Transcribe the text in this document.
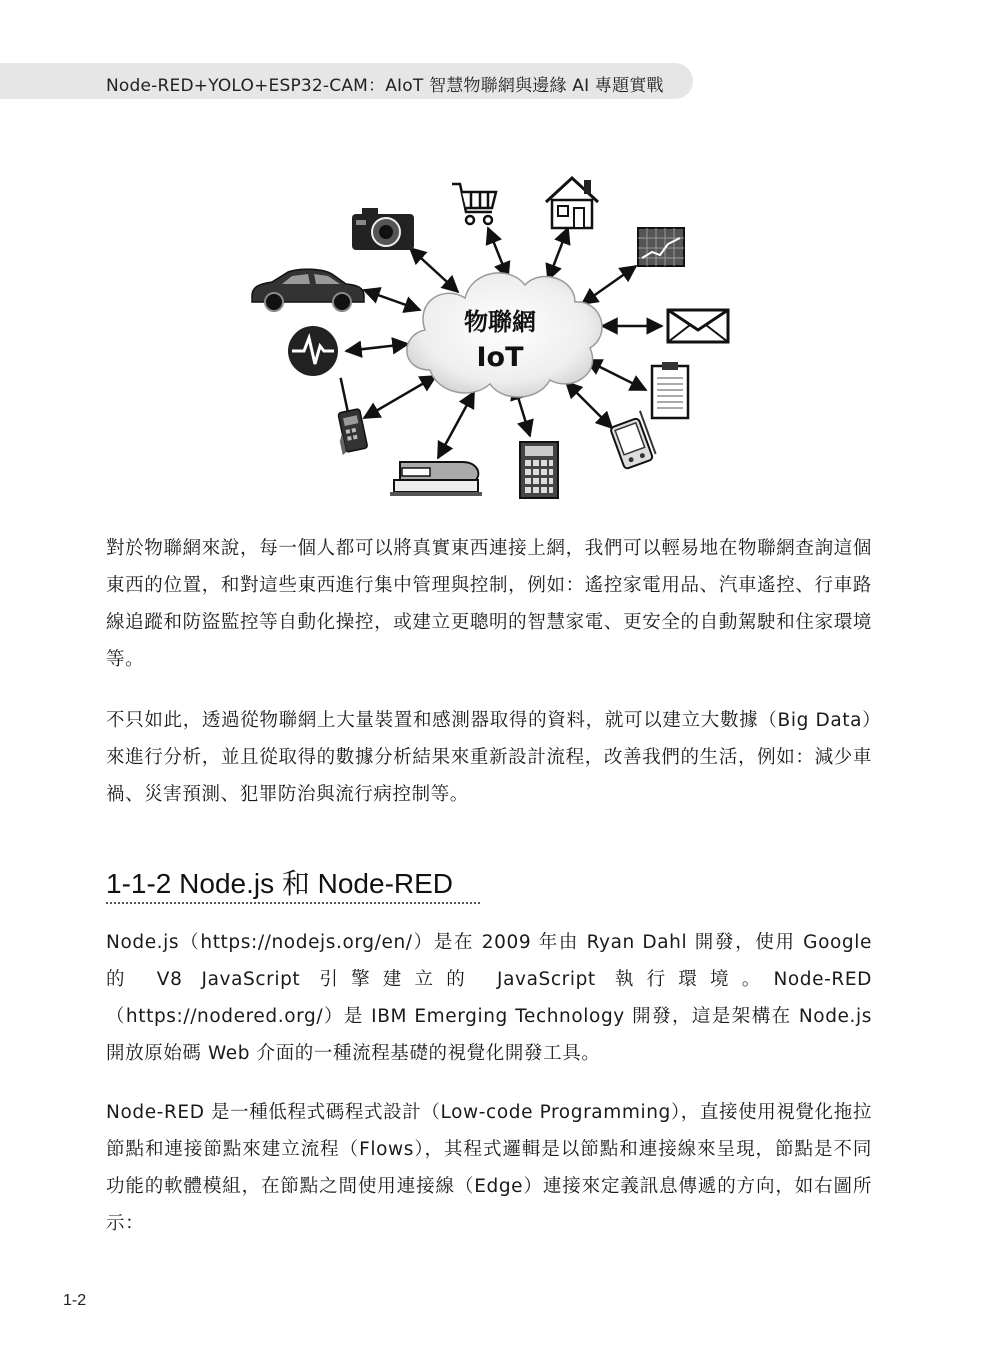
Node-RED+YOLO+ESP32-CAM：AIoT 智慧物聯網與邊緣 AI 專題實戰
物聯網
IoT

對於物聯網來說，每一個人都可以將真實東西連接上網，我們可以輕易地在物聯網查詢這個東西的位置，和對這些東西進行集中管理與控制，例如：遙控家電用品、汽車遙控、行車路線追蹤和防盜監控等自動化操控，或建立更聰明的智慧家電、更安全的自動駕駛和住家環境等。

不只如此，透過從物聯網上大量裝置和感測器取得的資料，就可以建立大數據（Big Data）來進行分析，並且從取得的數據分析結果來重新設計流程，改善我們的生活，例如：減少車禍、災害預測、犯罪防治與流行病控制等。

1-1-2 Node.js 和 Node-RED

Node.js（https://nodejs.org/en/）是在 2009 年由 Ryan Dahl 開發，使用 Google 的 V8 JavaScript 引擎建立的 JavaScript 執行環境。Node-RED（https://nodered.org/）是 IBM Emerging Technology 開發，這是架構在 Node.js 開放原始碼 Web 介面的一種流程基礎的視覺化開發工具。

Node-RED 是一種低程式碼程式設計（Low-code Programming），直接使用視覺化拖拉節點和連接節點來建立流程（Flows），其程式邏輯是以節點和連接線來呈現，節點是不同功能的軟體模組，在節點之間使用連接線（Edge）連接來定義訊息傳遞的方向，如右圖所示：

1-2
